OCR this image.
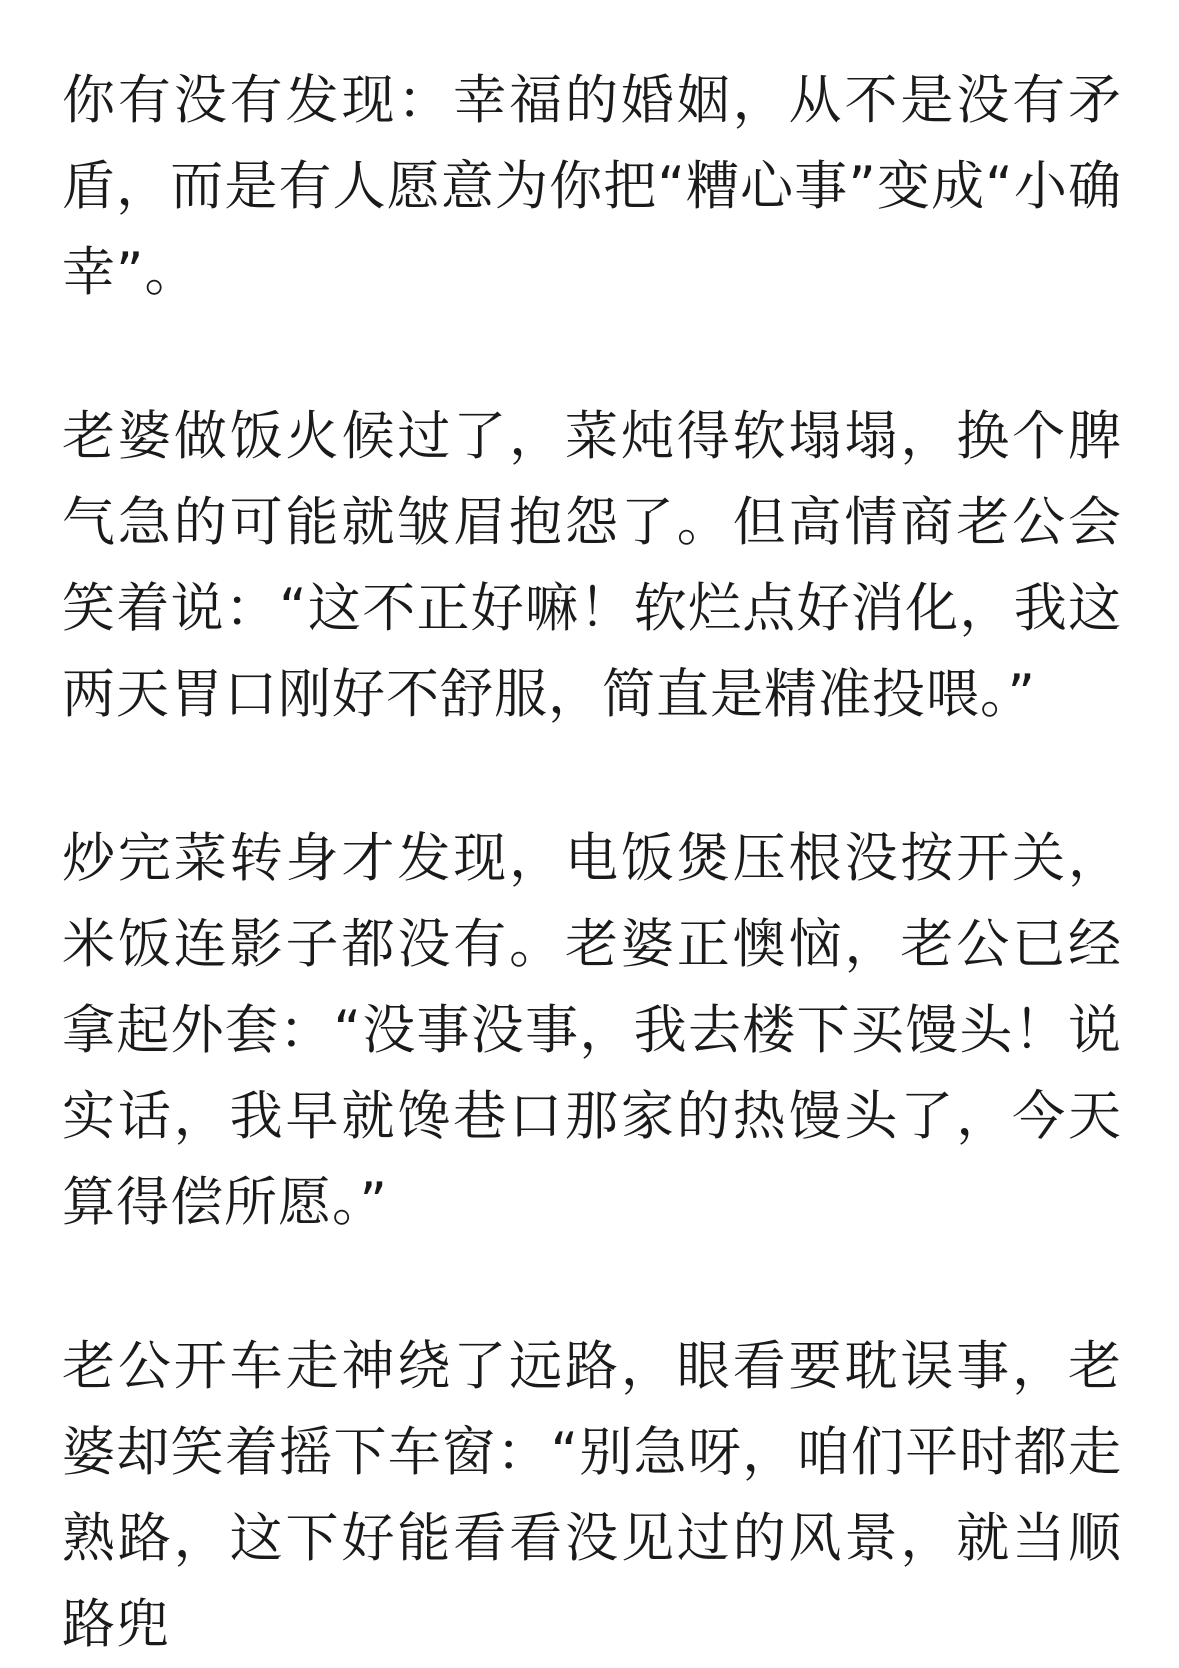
你有没有发现：幸福的婚姻，从不是没有矛盾，而是有人愿意为你把“糟心事”变成“小确幸”。

老婆做饭火候过了，菜炖得软塌塌，换个脾气急的可能就皱眉抱怨了。但高情商老公会笑着说：“这不正好嘛！软烂点好消化，我这两天胃口刚好不舒服，简直是精准投喂。”

炒完菜转身才发现，电饭煲压根没按开关，米饭连影子都没有。老婆正懊恼，老公已经拿起外套：“没事没事，我去楼下买馒头！说实话，我早就馋巷口那家的热馒头了，今天算得偿所愿。”

老公开车走神绕了远路，眼看要耽误事，老婆却笑着摇下车窗：“别急呀，咱们平时都走熟路，这下好能看看没见过的风景，就当顺路兜
